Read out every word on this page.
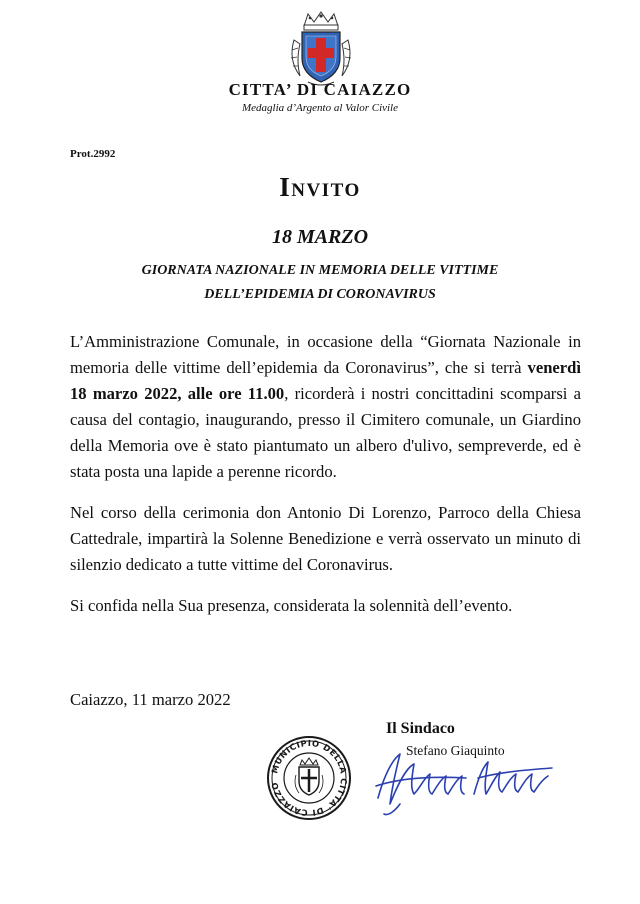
CITTA’ DI CAIAZZO
Medaglia d’Argento al Valor Civile
Prot.2992
Invito
18 MARZO
GIORNATA NAZIONALE IN MEMORIA DELLE VITTIME
DELL’EPIDEMIA DI CORONAVIRUS

L’Amministrazione Comunale, in occasione della “Giornata Nazionale in memoria delle vittime dell’epidemia da Coronavirus”, che si terrà venerdì 18 marzo 2022, alle ore 11.00, ricorderà i nostri concittadini scomparsi a causa del contagio, inaugurando, presso il Cimitero comunale, un Giardino della Memoria ove è stato piantumato un albero d'ulivo, sempreverde, ed è stata posta una lapide a perenne ricordo.

Nel corso della cerimonia don Antonio Di Lorenzo, Parroco della Chiesa Cattedrale, impartirà la Solenne Benedizione e verrà osservato un minuto di silenzio dedicato a tutte vittime del Coronavirus.

Si confida nella Sua presenza, considerata la solennità dell’evento.

Caiazzo, 11 marzo 2022
MUNICIPIO DELLA CITTA' DI CAIAZZO
Il Sindaco
Stefano Giaquinto
